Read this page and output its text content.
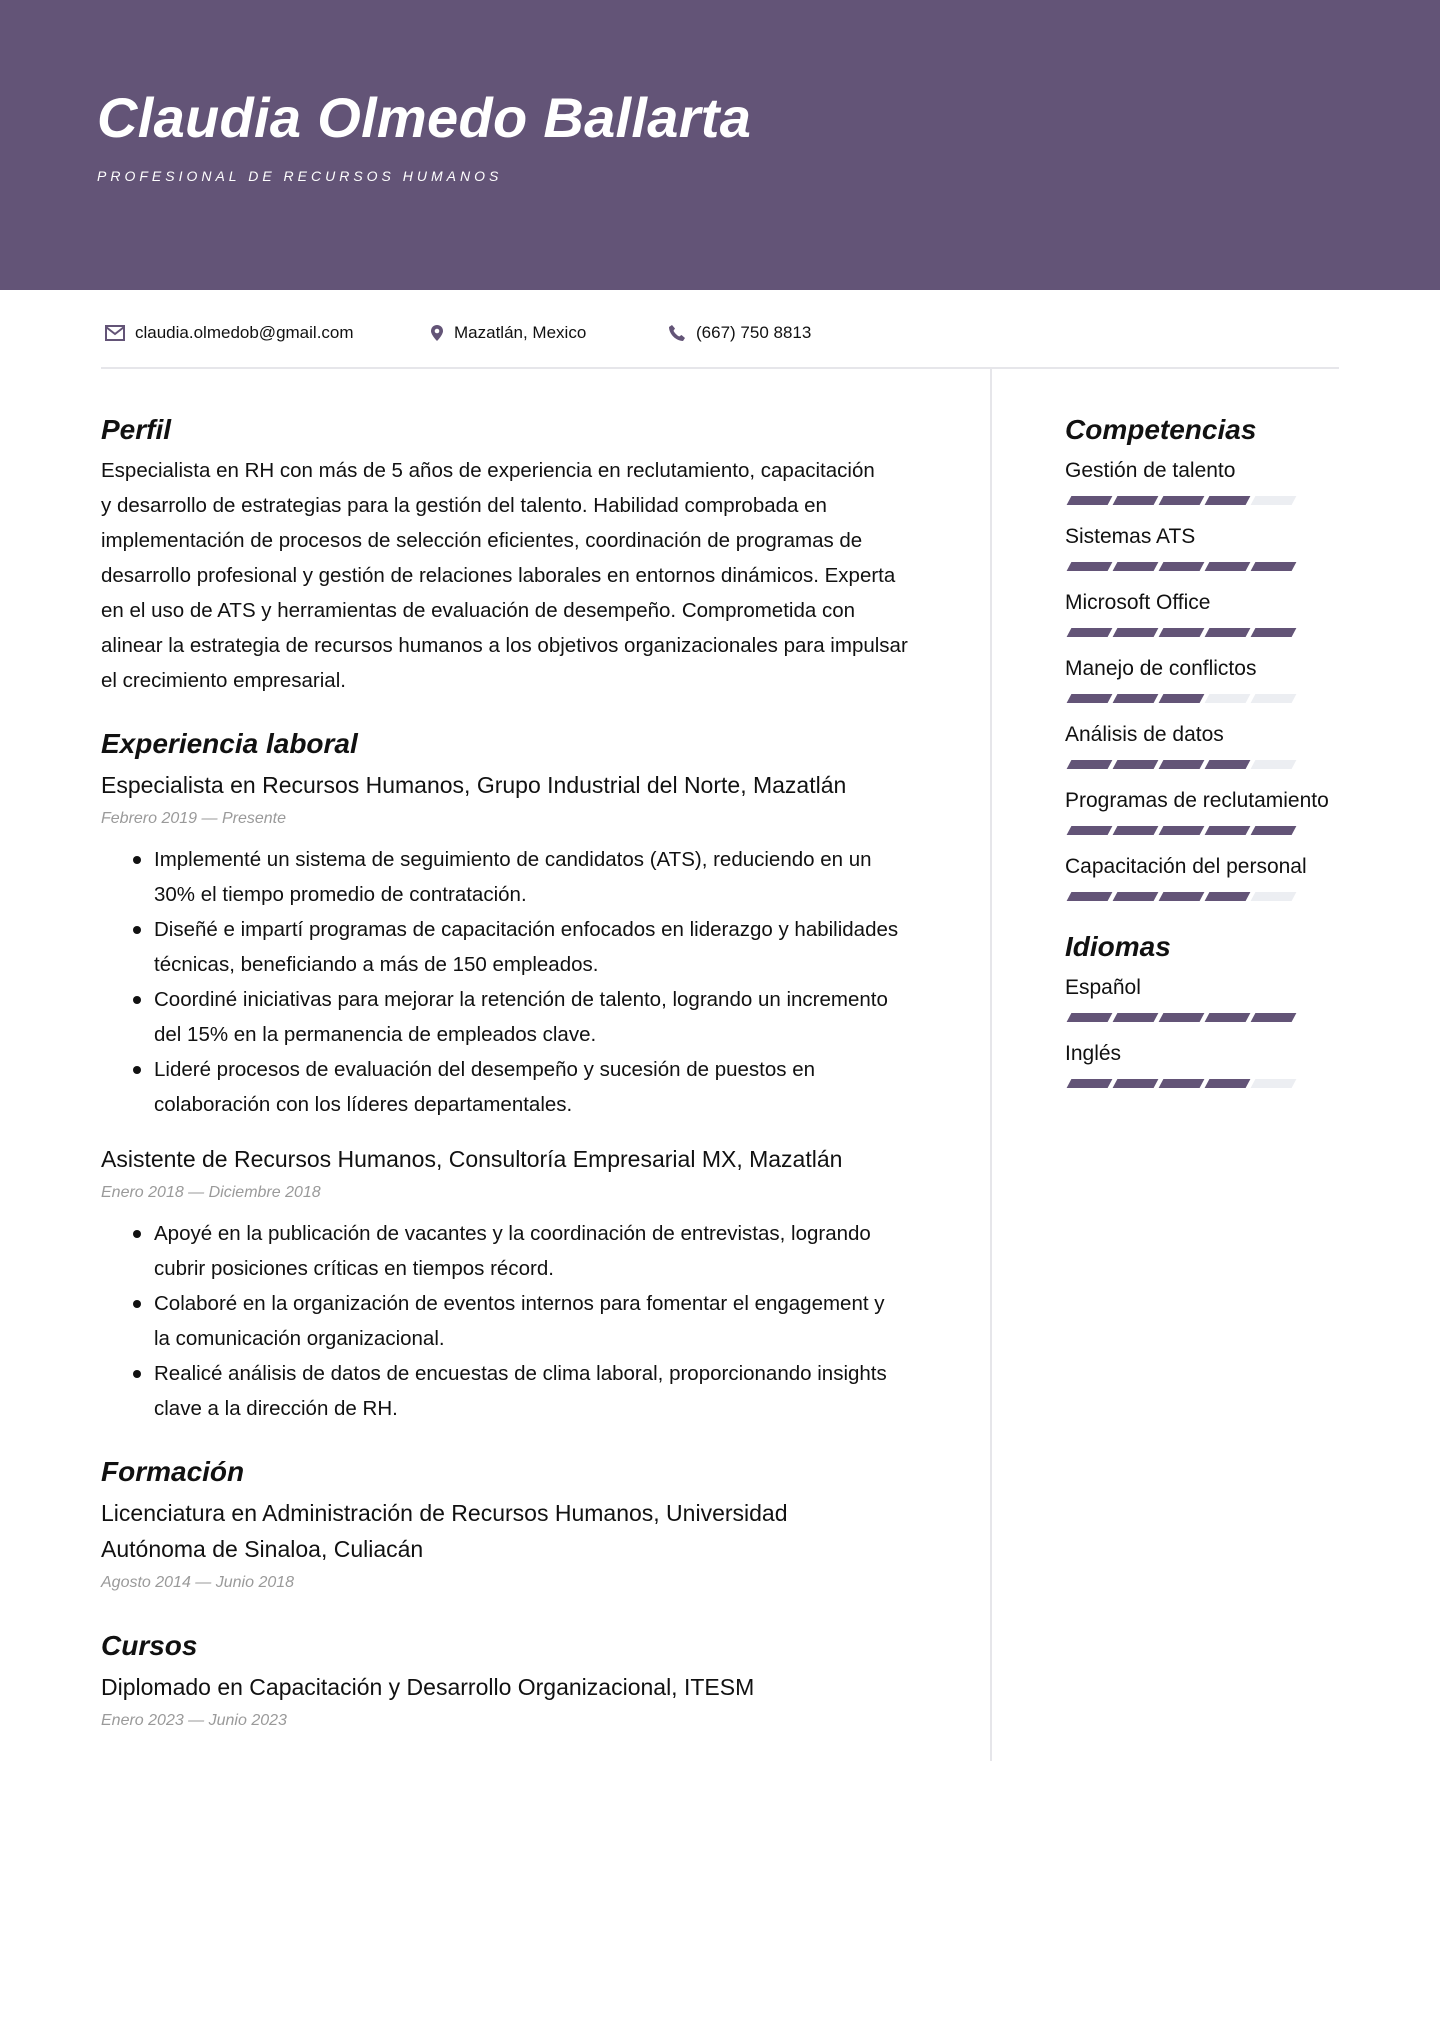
Claudia Olmedo Ballarta
PROFESIONAL DE RECURSOS HUMANOS
claudia.olmedob@gmail.com	Mazatlán, Mexico	(667) 750 8813
Perfil
Especialista en RH con más de 5 años de experiencia en reclutamiento, capacitación
y desarrollo de estrategias para la gestión del talento. Habilidad comprobada en
implementación de procesos de selección eficientes, coordinación de programas de
desarrollo profesional y gestión de relaciones laborales en entornos dinámicos. Experta
en el uso de ATS y herramientas de evaluación de desempeño. Comprometida con
alinear la estrategia de recursos humanos a los objetivos organizacionales para impulsar
el crecimiento empresarial.
Experiencia laboral
Especialista en Recursos Humanos, Grupo Industrial del Norte, Mazatlán
Febrero 2019 — Presente
Implementé un sistema de seguimiento de candidatos (ATS), reduciendo en un
30% el tiempo promedio de contratación.
Diseñé e impartí programas de capacitación enfocados en liderazgo y habilidades
técnicas, beneficiando a más de 150 empleados.
Coordiné iniciativas para mejorar la retención de talento, logrando un incremento
del 15% en la permanencia de empleados clave.
Lideré procesos de evaluación del desempeño y sucesión de puestos en
colaboración con los líderes departamentales.
Asistente de Recursos Humanos, Consultoría Empresarial MX, Mazatlán
Enero 2018 — Diciembre 2018
Apoyé en la publicación de vacantes y la coordinación de entrevistas, logrando
cubrir posiciones críticas en tiempos récord.
Colaboré en la organización de eventos internos para fomentar el engagement y
la comunicación organizacional.
Realicé análisis de datos de encuestas de clima laboral, proporcionando insights
clave a la dirección de RH.
Formación
Licenciatura en Administración de Recursos Humanos, Universidad
Autónoma de Sinaloa, Culiacán
Agosto 2014 — Junio 2018
Cursos
Diplomado en Capacitación y Desarrollo Organizacional, ITESM
Enero 2023 — Junio 2023
Competencias
Gestión de talento
Sistemas ATS
Microsoft Office
Manejo de conflictos
Análisis de datos
Programas de reclutamiento
Capacitación del personal
Idiomas
Español
Inglés
